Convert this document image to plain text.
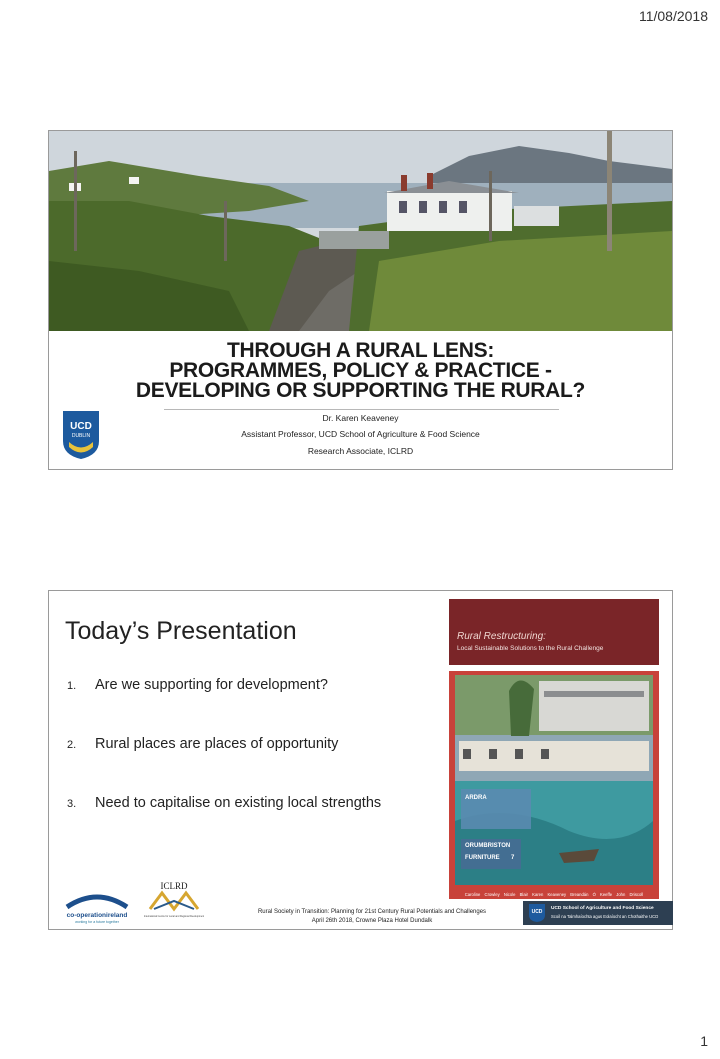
11/08/2018
THROUGH A RURAL LENS:
PROGRAMMES, POLICY & PRACTICE -
DEVELOPING OR SUPPORTING THE RURAL?
UCD
DUBLIN
Dr. Karen Keaveney
Assistant Professor, UCD School of Agriculture & Food Science
Research Associate, ICLRD
Today’s Presentation
1. Are we supporting for development?
2. Rural places are places of opportunity
3. Need to capitalise on existing local strengths
Rural Restructuring:
Local Sustainable Solutions to the Rural Challenge
ARDRA
ORUMBRISTON
FURNITURE 7
Caroline Crowley Nicole Blair Karen Keaveney Breandán Ó Keeffe John Driscoll
co-operationireland
working for a future together
ICLRD
International Centre for Local and Regional Development
Rural Society in Transition: Planning for 21st Century Rural Potentials and Challenges
April 26th 2018, Crowne Plaza Hotel Dundalk
UCD
UCD School of Agriculture and Food Science
Scoil na Talmhaíochta agus Eolaíocht an Chothaithe UCD
1
